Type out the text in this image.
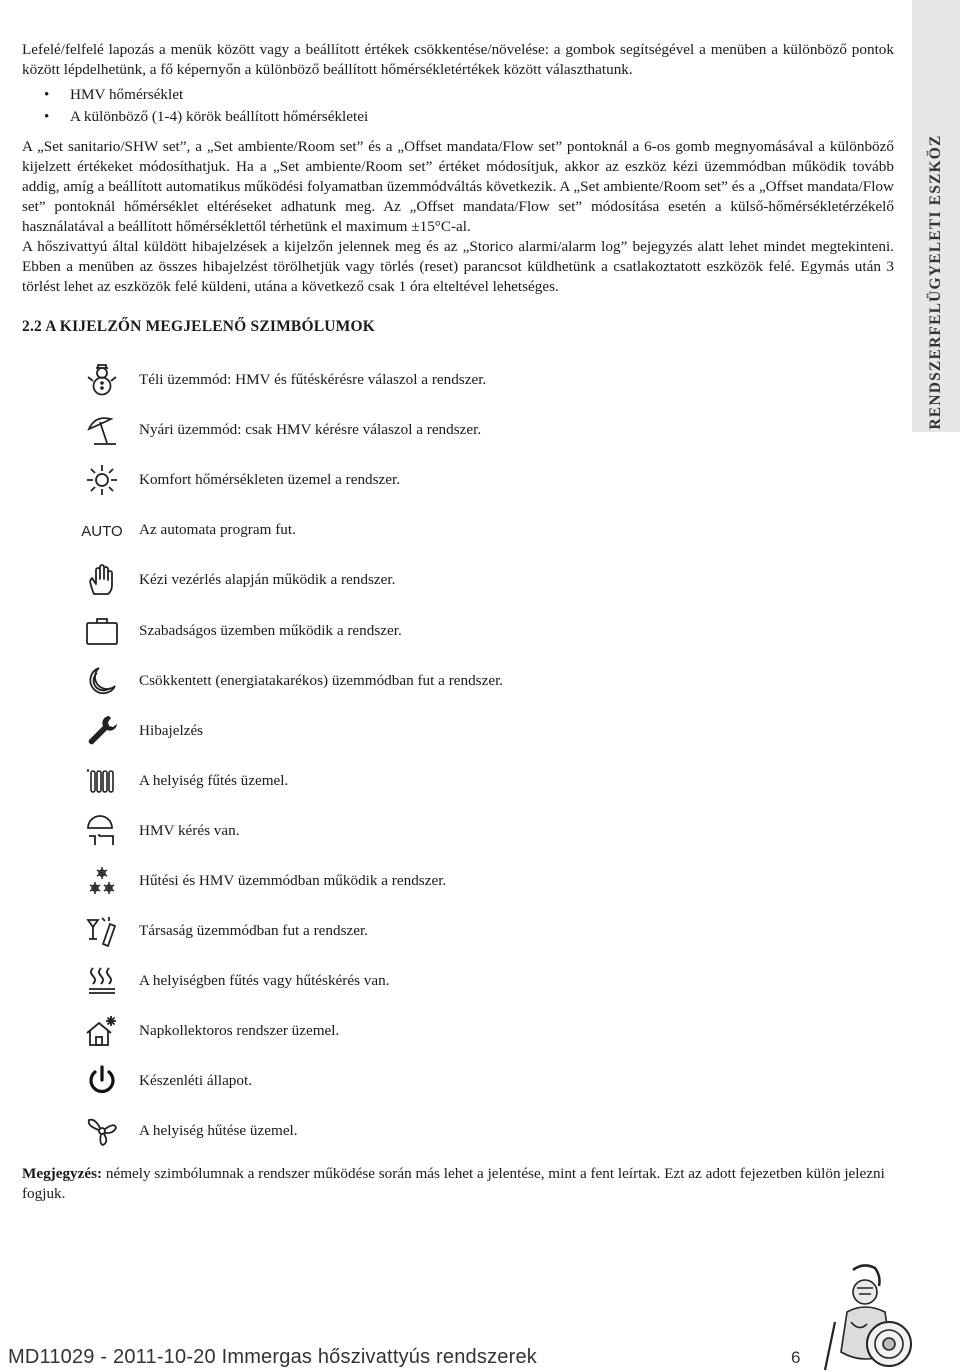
RENDSZERFELÜGYELETI ESZKÖZ

Lefelé/felfelé lapozás a menük között vagy a beállított értékek csökkentése/növelése: a gombok segítségével a menüben a különböző pontok között lépdelhetünk, a fő képernyőn a különböző beállított hőmérsékletértékek között választhatunk.

• HMV hőmérséklet
• A különböző (1-4) körök beállított hőmérsékletei

A „Set sanitario/SHW set”, a „Set ambiente/Room set” és a „Offset mandata/Flow set” pontoknál a 6-os gomb megnyomásával a különböző kijelzett értékeket módosíthatjuk. Ha a „Set ambiente/Room set” értéket módosítjuk, akkor az eszköz kézi üzemmódban működik tovább addig, amíg a beállított automatikus működési folyamatban üzemmódváltás következik. A „Set ambiente/Room set” és a „Offset mandata/Flow set” pontoknál hőmérséklet eltéréseket adhatunk meg. Az „Offset mandata/Flow set” módosítása esetén a külső-hőmérsékletérzékelő használatával a beállított hőmérséklettől térhetünk el maximum ±15°C-al.

A hőszivattyú által küldött hibajelzések a kijelzőn jelennek meg és az „Storico alarmi/alarm log” bejegyzés alatt lehet mindet megtekinteni. Ebben a menüben az összes hibajelzést törölhetjük vagy törlés (reset) parancsot küldhetünk a csatlakoztatott eszközök felé. Egymás után 3 törlést lehet az eszközök felé küldeni, utána a következő csak 1 óra elteltével lehetséges.

2.2 A KIJELZŐN MEGJELENŐ SZIMBÓLUMOK
Téli üzemmód: HMV és fűtéskérésre válaszol a rendszer.
Nyári üzemmód: csak HMV kérésre válaszol a rendszer.
Komfort hőmérsékleten üzemel a rendszer.
AUTO Az automata program fut.
Kézi vezérlés alapján működik a rendszer.
Szabadságos üzemben működik a rendszer.
Csökkentett (energiatakarékos) üzemmódban fut a rendszer.
Hibajelzés
A helyiség fűtés üzemel.
HMV kérés van.
Hűtési és HMV üzemmódban működik a rendszer.
Társaság üzemmódban fut a rendszer.
A helyiségben fűtés vagy hűtéskérés van.
Napkollektoros rendszer üzemel.
Készenléti állapot.
A helyiség hűtése üzemel.
Megjegyzés: némely szimbólumnak a rendszer működése során más lehet a jelentése, mint a fent leírtak. Ezt az adott fejezetben külön jelezni fogjuk.
MD11029 - 2011-10-20 Immergas hőszivattyús rendszerek	6
